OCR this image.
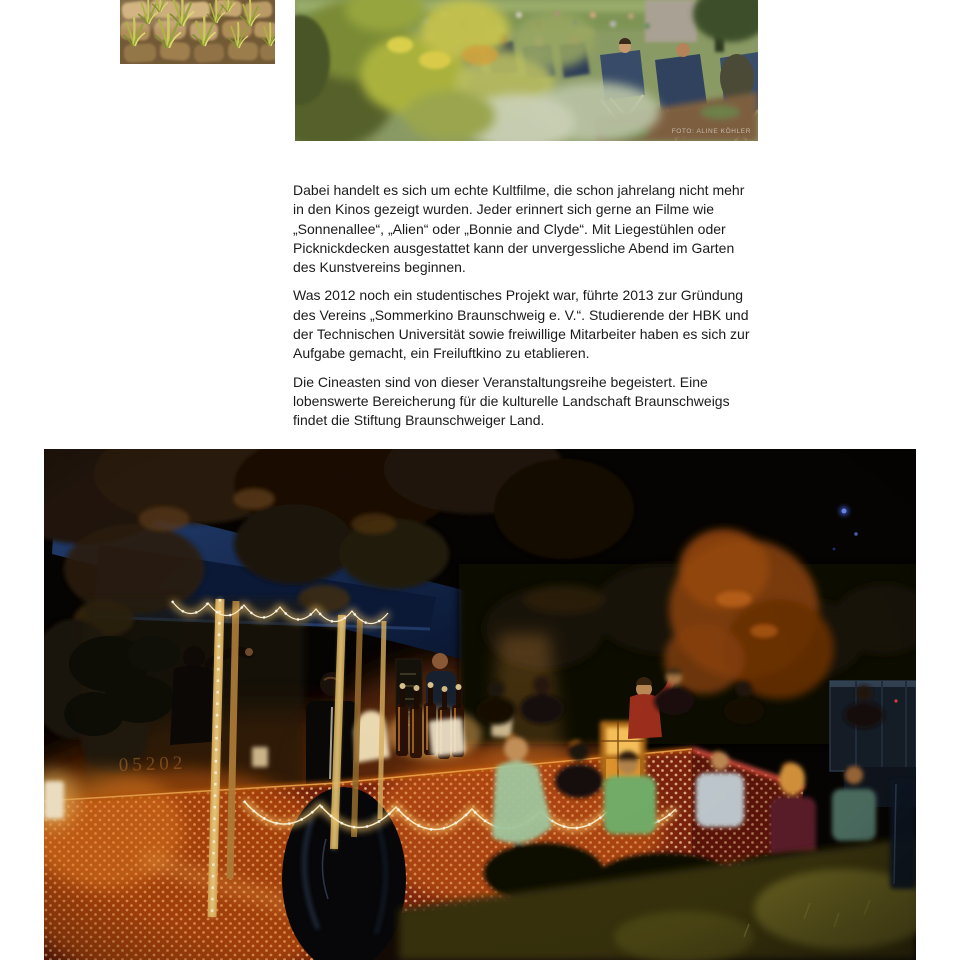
FOTO: ALINE KÖHLER

Dabei handelt es sich um echte Kultfilme, die schon jahrelang nicht mehr in den Kinos gezeigt wurden. Jeder erinnert sich gerne an Filme wie „Sonnenallee“, „Alien“ oder „Bonnie and Clyde“. Mit Liegestühlen oder Picknickdecken ausgestattet kann der unvergessliche Abend im Garten des Kunstvereins beginnen.

Was 2012 noch ein studentisches Projekt war, führte 2013 zur Gründung des Vereins „Sommerkino Braunschweig e. V.“. Studierende der HBK und der Technischen Universität sowie freiwillige Mitarbeiter haben es sich zur Aufgabe gemacht, ein Freiluftkino zu etablieren.

Die Cineasten sind von dieser Veranstaltungsreihe begeistert. Eine lobenswerte Bereicherung für die kulturelle Landschaft Braunschweigs findet die Stiftung Braunschweiger Land.
